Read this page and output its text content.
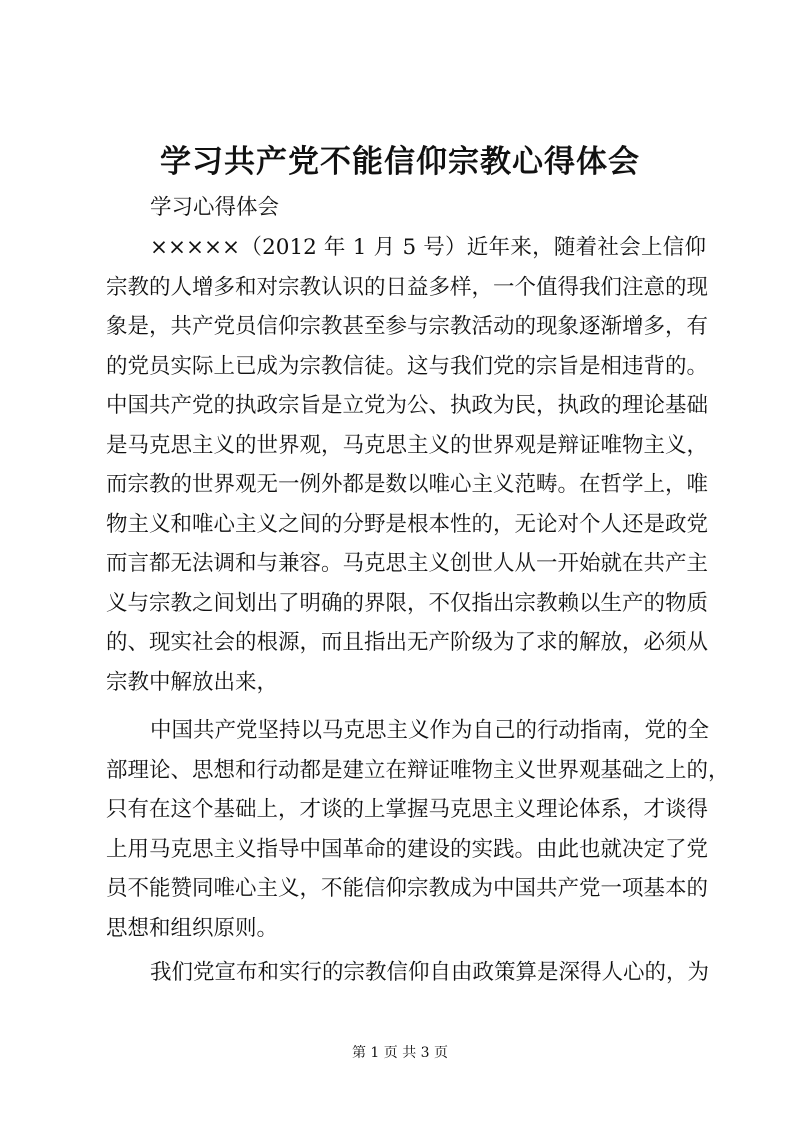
学习共产党不能信仰宗教心得体会
学习心得体会
×××××（2012 年 1 月 5 号）近年来，随着社会上信仰
宗教的人增多和对宗教认识的日益多样，一个值得我们注意的现
象是，共产党员信仰宗教甚至参与宗教活动的现象逐渐增多，有
的党员实际上已成为宗教信徒。这与我们党的宗旨是相违背的。
中国共产党的执政宗旨是立党为公、执政为民，执政的理论基础
是马克思主义的世界观，马克思主义的世界观是辩证唯物主义，
而宗教的世界观无一例外都是数以唯心主义范畴。在哲学上，唯
物主义和唯心主义之间的分野是根本性的，无论对个人还是政党
而言都无法调和与兼容。马克思主义创世人从一开始就在共产主
义与宗教之间划出了明确的界限，不仅指出宗教赖以生产的物质
的、现实社会的根源，而且指出无产阶级为了求的解放，必须从
宗教中解放出来，
中国共产党坚持以马克思主义作为自己的行动指南，党的全
部理论、思想和行动都是建立在辩证唯物主义世界观基础之上的，
只有在这个基础上，才谈的上掌握马克思主义理论体系，才谈得
上用马克思主义指导中国革命的建设的实践。由此也就决定了党
员不能赞同唯心主义，不能信仰宗教成为中国共产党一项基本的
思想和组织原则。
我们党宣布和实行的宗教信仰自由政策算是深得人心的，为
第 1 页 共 3 页
